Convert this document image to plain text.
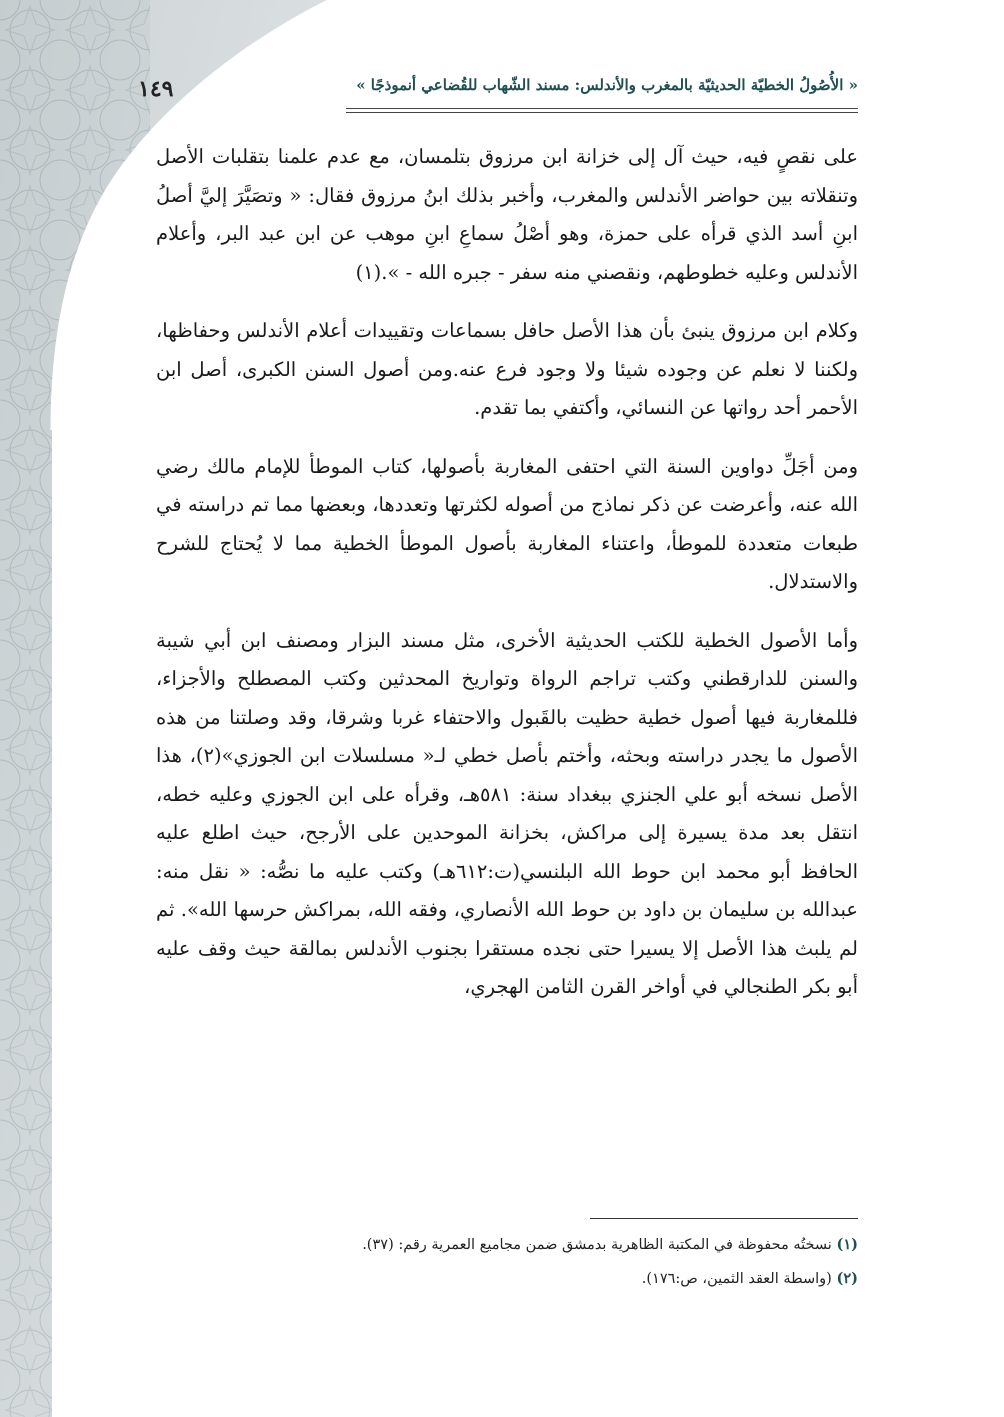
١٤٩	« الأُصُولُ الخطيّة الحديثيّة بالمغرب والأندلس: مسند الشّهاب للقُضاعي أنموذجًا »

على نقصٍ فيه، حيث آل إلى خزانة ابن مرزوق بتلمسان، مع عدم علمنا بتقلبات الأصل وتنقلاته بين حواضر الأندلس والمغرب، وأخبر بذلك ابنُ مرزوق فقال: « وتصَيَّرَ إليَّ أصلُ ابنِ أسد الذي قرأه على حمزة، وهو أصْلُ سماعِ ابنِ موهب عن ابن عبد البر، وأعلام الأندلس وعليه خطوطهم، ونقصني منه سفر - جبره الله - ».(١)

وكلام ابن مرزوق ينبئ بأن هذا الأصل حافل بسماعات وتقييدات أعلام الأندلس وحفاظها، ولكننا لا نعلم عن وجوده شيئا ولا وجود فرع عنه.ومن أصول السنن الكبرى، أصل ابن الأحمر أحد رواتها عن النسائي، وأكتفي بما تقدم.

ومن أجَلِّ دواوين السنة التي احتفى المغاربة بأصولها، كتاب الموطأ للإمام مالك رضي الله عنه، وأعرضت عن ذكر نماذج من أصوله لكثرتها وتعددها، وبعضها مما تم دراسته في طبعات متعددة للموطأ، واعتناء المغاربة بأصول الموطأ الخطية مما لا يُحتاج للشرح والاستدلال.

وأما الأصول الخطية للكتب الحديثية الأخرى، مثل مسند البزار ومصنف ابن أبي شيبة والسنن للدارقطني وكتب تراجم الرواة وتواريخ المحدثين وكتب المصطلح والأجزاء، فللمغاربة فيها أصول خطية حظيت بالقَبول والاحتفاء غربا وشرقا، وقد وصلتنا من هذه الأصول ما يجدر دراسته وبحثه، وأختم بأصل خطي لـ« مسلسلات ابن الجوزي»(٢)، هذا الأصل نسخه أبو علي الجنزي ببغداد سنة: ٥٨١هـ، وقرأه على ابن الجوزي وعليه خطه، انتقل بعد مدة يسيرة إلى مراكش، بخزانة الموحدين على الأرجح، حيث اطلع عليه الحافظ أبو محمد ابن حوط الله البلنسي(ت:٦١٢هـ) وكتب عليه ما نصُّه: « نقل منه: عبدالله بن سليمان بن داود بن حوط الله الأنصاري، وفقه الله، بمراكش حرسها الله». ثم لم يلبث هذا الأصل إلا يسيرا حتى نجده مستقرا بجنوب الأندلس بمالقة حيث وقف عليه أبو بكر الطنجالي في أواخر القرن الثامن الهجري،

(١) نسختُه محفوظة في المكتبة الظاهرية بدمشق ضمن مجاميع العمرية رقم: (٣٧).

(٢) (واسطة العقد الثمين، ص:١٧٦).
